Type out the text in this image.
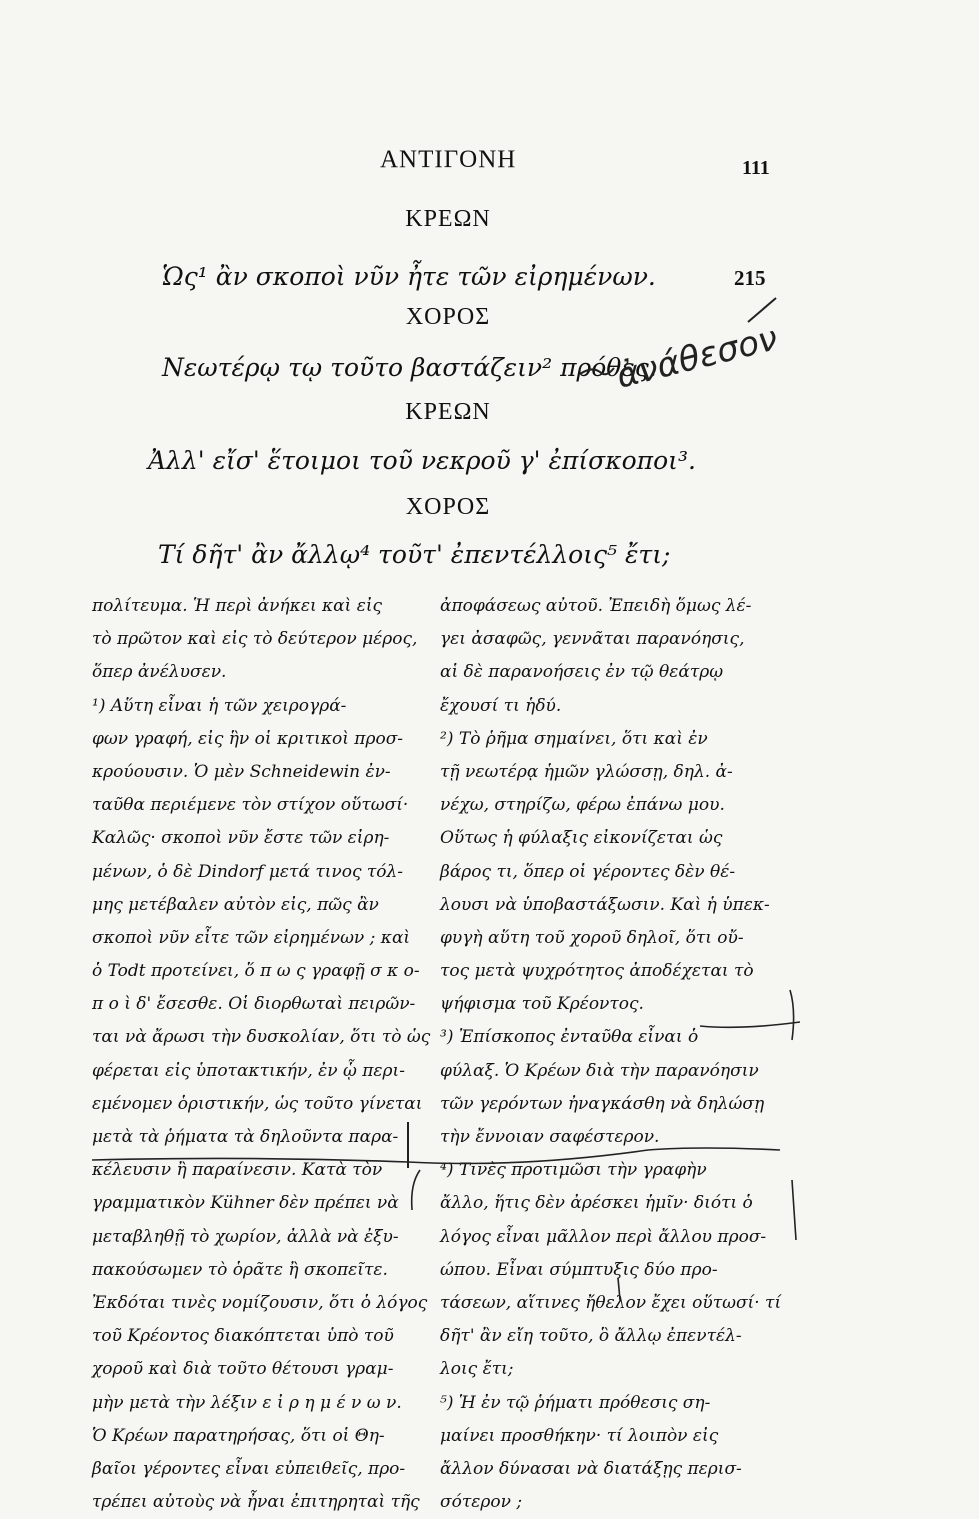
ΑΝΤΙΓΟΝΗ	111
ΚΡΕΩΝ
Ὡς¹ ἂν σκοποὶ νῦν ἦτε τῶν εἰρημένων.	215
ΧΟΡΟΣ
Νεωτέρῳ τῳ τοῦτο βαστάζειν² πρόθες.
ΚΡΕΩΝ
Ἀλλ' εἴσ' ἕτοιμοι τοῦ νεκροῦ γ' ἐπίσκοποι³.
ΧΟΡΟΣ
Τί δῆτ' ἂν ἄλλῳ⁴ τοῦτ' ἐπεντέλλοις⁵ ἔτι;
πολίτευμα. Ἡ περὶ ἀνήκει καὶ εἰς
τὸ πρῶτον καὶ εἰς τὸ δεύτερον μέρος,
ὅπερ ἀνέλυσεν.
¹) Αὕτη εἶναι ἡ τῶν χειρογρά-
φων γραφή, εἰς ἣν οἱ κριτικοὶ προσ-
κρούουσιν. Ὁ μὲν Schneidewin ἐν-
ταῦθα περιέμενε τὸν στίχον οὕτωσί·
Καλῶς· σκοποὶ νῦν ἔστε τῶν εἰρη-
μένων, ὁ δὲ Dindorf μετά τινος τόλ-
μης μετέβαλεν αὐτὸν εἰς, πῶς ἂν
σκοποὶ νῦν εἶτε τῶν εἰρημένων ; καὶ
ὁ Todt προτείνει, ὅ π ω ς γραφῇ σ κ ο-
π ο ὶ δ' ἔσεσθε. Οἱ διορθωταὶ πειρῶν-
ται νὰ ἄρωσι τὴν δυσκολίαν, ὅτι τὸ ὡς
φέρεται εἰς ὑποτακτικήν, ἐν ᾧ περι-
εμένομεν ὁριστικήν, ὡς τοῦτο γίνεται
μετὰ τὰ ῥήματα τὰ δηλοῦντα παρα-
κέλευσιν ἢ παραίνεσιν. Κατὰ τὸν
γραμματικὸν Kühner δὲν πρέπει νὰ
μεταβληθῇ τὸ χωρίον, ἀλλὰ νὰ ἐξυ-
πακούσωμεν τὸ ὁρᾶτε ἢ σκοπεῖτε.
Ἐκδόται τινὲς νομίζουσιν, ὅτι ὁ λόγος
τοῦ Κρέοντος διακόπτεται ὑπὸ τοῦ
χοροῦ καὶ διὰ τοῦτο θέτουσι γραμ-
μὴν μετὰ τὴν λέξιν ε ἰ ρ η μ έ ν ω ν.
Ὁ Κρέων παρατηρήσας, ὅτι οἱ Θη-
βαῖοι γέροντες εἶναι εὐπειθεῖς, προ-
τρέπει αὐτοὺς νὰ ἦναι ἐπιτηρηταὶ τῆς
ἀποφάσεως αὐτοῦ. Ἐπειδὴ ὅμως λέ-
γει ἀσαφῶς, γεννᾶται παρανόησις,
αἱ δὲ παρανοήσεις ἐν τῷ θεάτρῳ
ἔχουσί τι ἡδύ.
²) Τὸ ῥῆμα σημαίνει, ὅτι καὶ ἐν
τῇ νεωτέρᾳ ἡμῶν γλώσσῃ, δηλ. ἀ-
νέχω, στηρίζω, φέρω ἐπάνω μου.
Οὕτως ἡ φύλαξις εἰκονίζεται ὡς
βάρος τι, ὅπερ οἱ γέροντες δὲν θέ-
λουσι νὰ ὑποβαστάξωσιν. Καὶ ἡ ὑπεκ-
φυγὴ αὕτη τοῦ χοροῦ δηλοῖ, ὅτι οὔ-
τος μετὰ ψυχρότητος ἀποδέχεται τὸ
ψήφισμα τοῦ Κρέοντος.
³) Ἐπίσκοπος ἐνταῦθα εἶναι ὁ
φύλαξ. Ὁ Κρέων διὰ τὴν παρανόησιν
τῶν γερόντων ἠναγκάσθη νὰ δηλώσῃ
τὴν ἔννοιαν σαφέστερον.
⁴) Τινὲς προτιμῶσι τὴν γραφὴν
ἄλλο, ἥτις δὲν ἀρέσκει ἡμῖν· διότι ὁ
λόγος εἶναι μᾶλλον περὶ ἄλλου προσ-
ώπου. Εἶναι σύμπτυξις δύο προ-
τάσεων, αἵτινες ἤθελον ἔχει οὕτωσί· τί
δῆτ' ἂν εἴη τοῦτο, ὃ ἄλλῳ ἐπεντέλ-
λοις ἔτι;
⁵) Ἡ ἐν τῷ ῥήματι πρόθεσις ση-
μαίνει προσθήκην· τί λοιπὸν εἰς
ἄλλον δύνασαι νὰ διατάξῃς περισ-
σότερον ;
ἀνάθεσον
